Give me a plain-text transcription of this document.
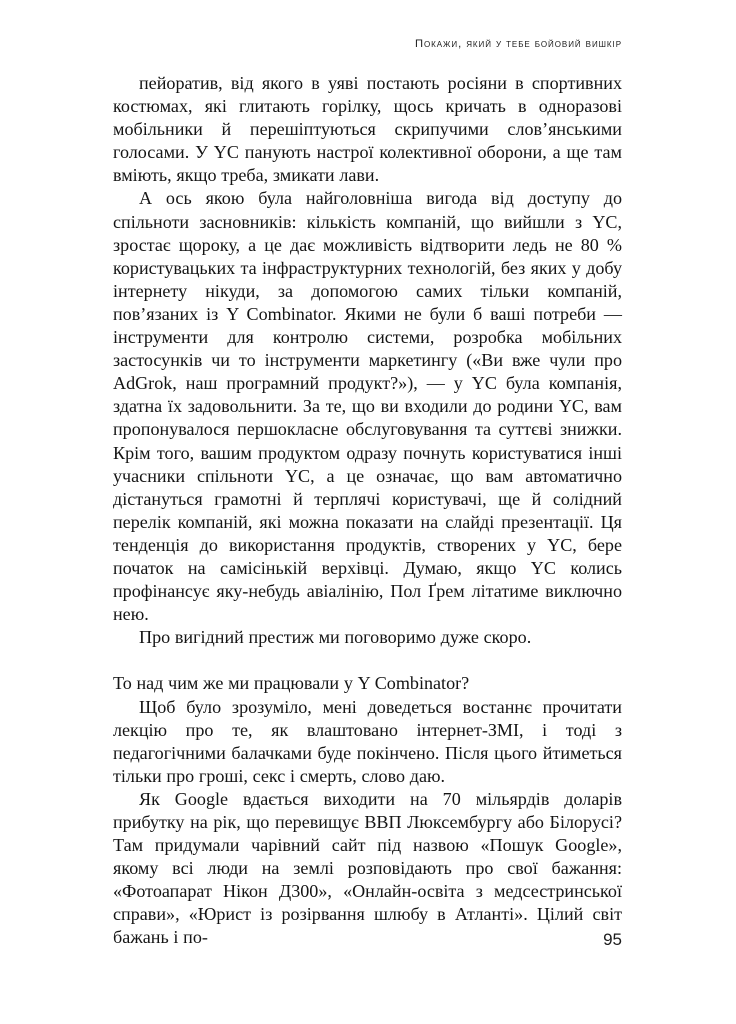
Покажи, який у тебе бойовий вишкір

пейоратив, від якого в уяві постають росіяни в спортивних костюмах, які глитають горілку, щось кричать в одноразові мобільники й перешіптуються скрипучими слов’янськими голосами. У YC панують настрої колективної оборони, а ще там вміють, якщо треба, змикати лави.

А ось якою була найголовніша вигода від доступу до спільноти засновників: кількість компаній, що вийшли з YC, зростає щороку, а це дає можливість відтворити ледь не 80 % користувацьких та інфраструктурних технологій, без яких у добу інтернету нікуди, за допомогою самих тільки компаній, пов’язаних із Y Combinator. Якими не були б ваші потреби — інструменти для контролю системи, розробка мобільних застосунків чи то інструменти маркетингу («Ви вже чули про AdGrok, наш програмний продукт?»), — у YC була компанія, здатна їх задовольнити. За те, що ви входили до родини YC, вам пропонувалося першокласне обслуговування та суттєві знижки. Крім того, вашим продуктом одразу почнуть користуватися інші учасники спільноти YC, а це означає, що вам автоматично дістануться грамотні й терплячі користувачі, ще й солідний перелік компаній, які можна показати на слайді презентації. Ця тенденція до використання продуктів, створених у YC, бере початок на самісінькій верхівці. Думаю, якщо YC колись профінансує яку-небудь авіалінію, Пол Ґрем літатиме виключно нею.

Про вигідний престиж ми поговоримо дуже скоро.

То над чим же ми працювали у Y Combinator?

Щоб було зрозуміло, мені доведеться востаннє прочитати лекцію про те, як влаштовано інтернет-ЗМІ, і тоді з педагогічними балачками буде покінчено. Після цього йтиметься тільки про гроші, секс і смерть, слово даю.

Як Google вдається виходити на 70 мільярдів доларів прибутку на рік, що перевищує ВВП Люксембургу або Білорусі? Там придумали чарівний сайт під назвою «Пошук Google», якому всі люди на землі розповідають про свої бажання: «Фотоапарат Нікон Д300», «Онлайн-освіта з медсестринської справи», «Юрист із розірвання шлюбу в Атланті». Цілий світ бажань і по-	95
